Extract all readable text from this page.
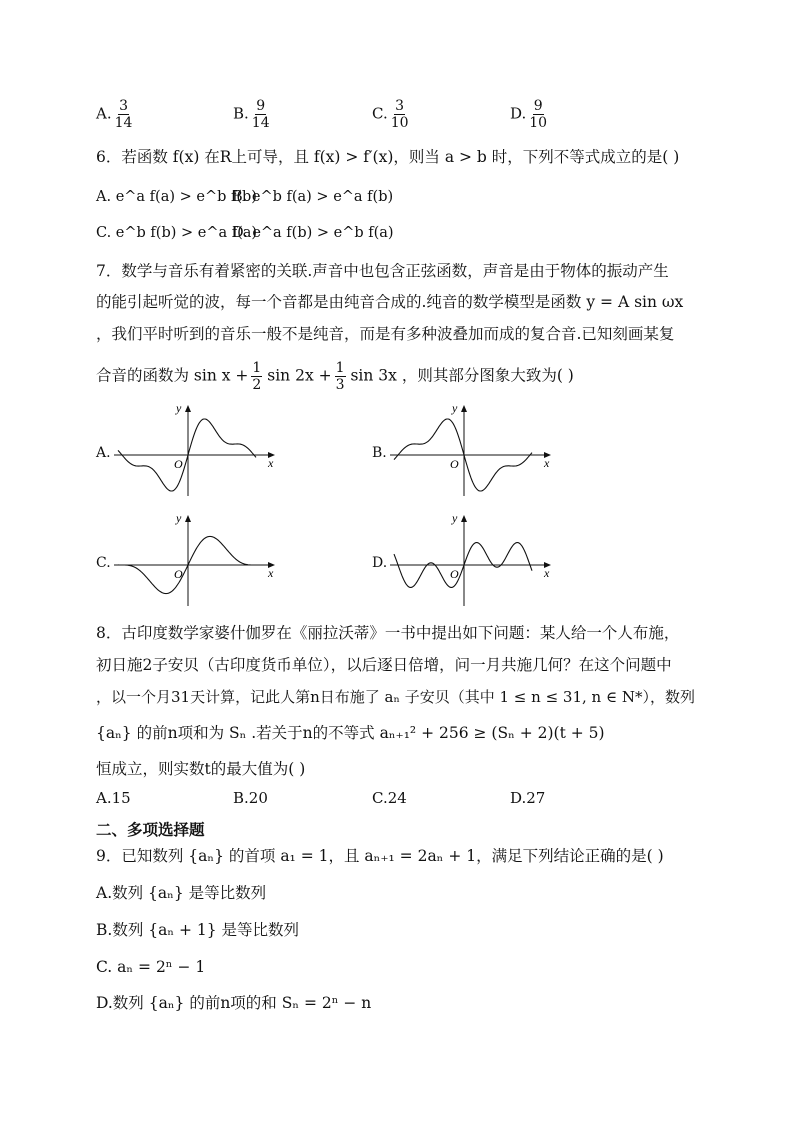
A. $\frac{3}{14}$	B. $\frac{9}{14}$	C. $\frac{3}{10}$	D. $\frac{9}{10}$
6．若函数 f(x) 在R上可导，且 f(x) > f′(x)，则当 a > b 时，下列不等式成立的是( )
A. e^a f(a) > e^b f(b)
B. e^b f(a) > e^a f(b)
C. e^b f(b) > e^a f(a)
D. e^a f(b) > e^b f(a)
7．数学与音乐有着紧密的关联.声音中也包含正弦函数，声音是由于物体的振动产生
的能引起听觉的波，每一个音都是由纯音合成的.纯音的数学模型是函数 y = A sin ωx
，我们平时听到的音乐一般不是纯音，而是有多种波叠加而成的复合音.已知刻画某复
合音的函数为 $\sin x + \frac{1}{2}$ $\sin 2x + \frac{1}{3}$ sin 3x ，则其部分图象大致为( )
A.	B.
C.	D.
y
x
O
y
x
O
y
x
O
y
x
O
8．古印度数学家婆什伽罗在《丽拉沃蒂》一书中提出如下问题：某人给一个人布施，
初日施2子安贝（古印度货币单位），以后逐日倍增，问一月共施几何？在这个问题中
，以一个月31天计算，记此人第n日布施了 aₙ 子安贝（其中 1 ≤ n ≤ 31, n ∈ N*），数列
{aₙ} 的前n项和为 Sₙ .若关于n的不等式 aₙ₊₁² + 256 ≥ (Sₙ + 2)(t + 5)
恒成立，则实数t的最大值为( )
A.15	B.20	C.24	D.27
二、多项选择题
9．已知数列 {aₙ} 的首项 a₁ = 1，且 aₙ₊₁ = 2aₙ + 1，满足下列结论正确的是( )
A.数列 {aₙ} 是等比数列
B.数列 {aₙ + 1} 是等比数列
C. aₙ = 2ⁿ − 1
D.数列 {aₙ} 的前n项的和 Sₙ = 2ⁿ − n
